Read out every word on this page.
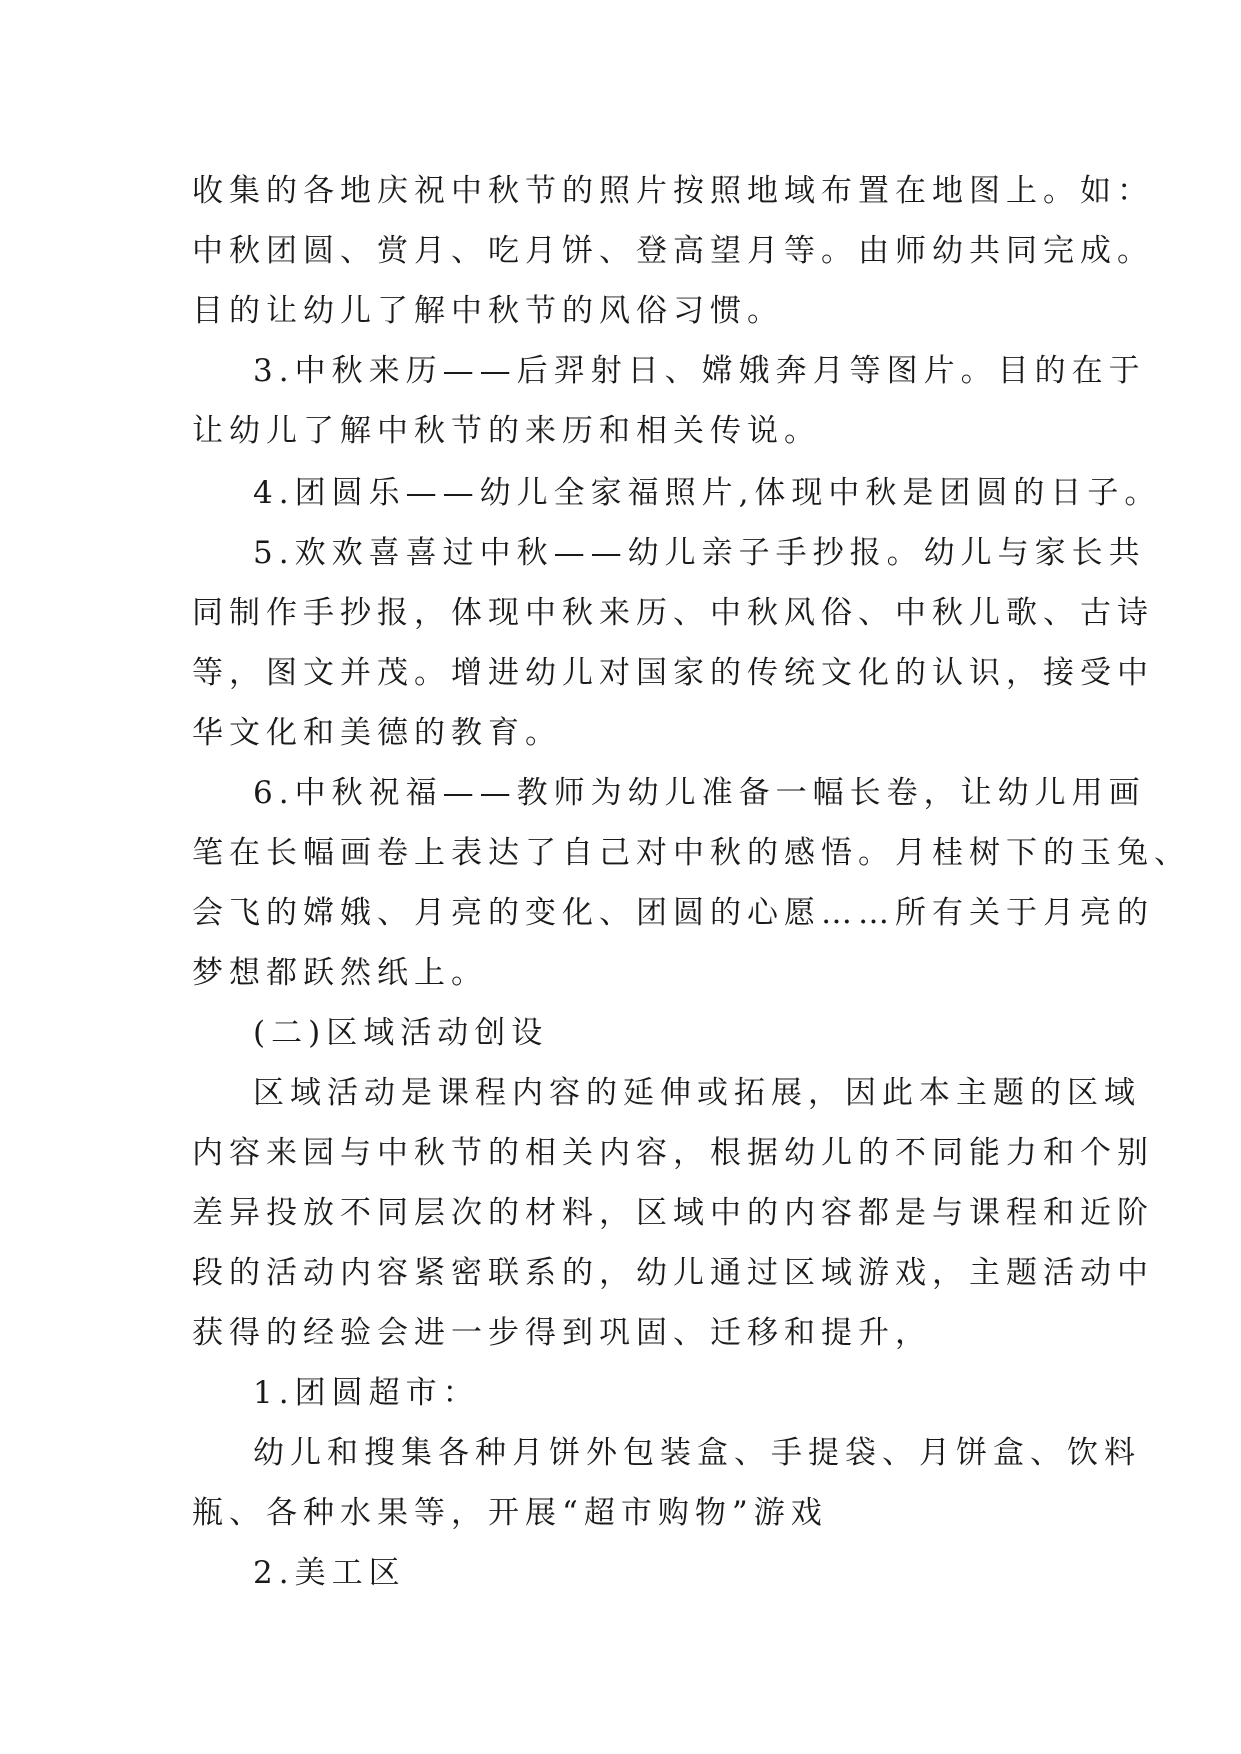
收集的各地庆祝中秋节的照片按照地域布置在地图上。如：
中秋团圆、赏月、吃月饼、登高望月等。由师幼共同完成。
目的让幼儿了解中秋节的风俗习惯。
3.中秋来历——后羿射日、嫦娥奔月等图片。目的在于
让幼儿了解中秋节的来历和相关传说。
4.团圆乐——幼儿全家福照片,体现中秋是团圆的日子。
5.欢欢喜喜过中秋——幼儿亲子手抄报。幼儿与家长共
同制作手抄报，体现中秋来历、中秋风俗、中秋儿歌、古诗
等，图文并茂。增进幼儿对国家的传统文化的认识，接受中
华文化和美德的教育。
6.中秋祝福——教师为幼儿准备一幅长卷，让幼儿用画
笔在长幅画卷上表达了自己对中秋的感悟。月桂树下的玉兔、
会飞的嫦娥、月亮的变化、团圆的心愿……所有关于月亮的
梦想都跃然纸上。
(二)区域活动创设
区域活动是课程内容的延伸或拓展，因此本主题的区域
内容来园与中秋节的相关内容，根据幼儿的不同能力和个别
差异投放不同层次的材料，区域中的内容都是与课程和近阶
段的活动内容紧密联系的，幼儿通过区域游戏，主题活动中
获得的经验会进一步得到巩固、迁移和提升，
1.团圆超市：
幼儿和搜集各种月饼外包装盒、手提袋、月饼盒、饮料
瓶、各种水果等，开展“超市购物”游戏
2.美工区
